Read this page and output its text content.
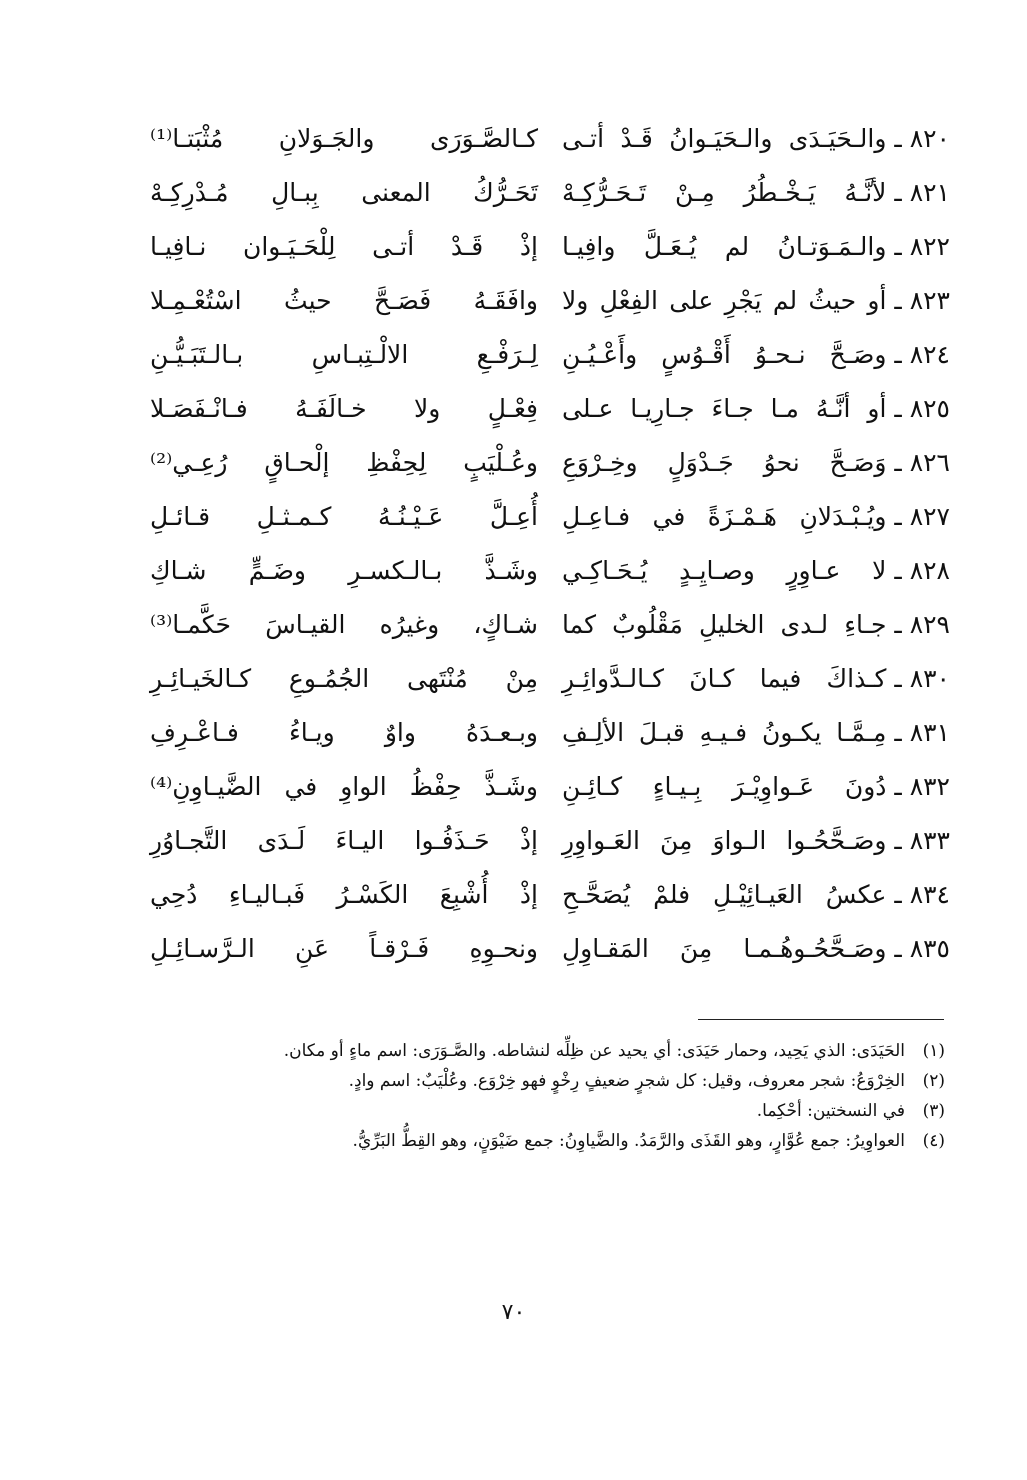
٨٢٠ ـوالـحَيَـدَى والـحَيَـوانُ قَـدْ أتـى
كـالصَّـوَرَى والجَـوَلانِ مُثْبَتـا⁽¹⁾
٨٢١ ـلأنَّـهُ يَـخْـطُرُ مِـنْ تَـحَـرُّكِـهْ
تَحَـرُّكُ المعنى بِبـالِ مُـدْرِكِـهْ
٨٢٢ ـوالـمَـوَتـانُ لم يُـعَـلَّ وافِيـا
إذْ قَـدْ أتـى لِلْحَـيَـوان نـافِيـا
٨٢٣ ـأو حيثُ لم يَجْرِ على الفِعْلِ ولا
وافَقَـهُ فَصَـحَّ حيثُ اسْتُعْـمِـلا
٨٢٤ ـوصَـحَّ نـحـوُ أَقْـوُسٍ وأَعْـيُـنِ
لِـرَفْـعِ الالْـتِبـاسِ بـالـتَبَـيُّـنِ
٨٢٥ ـأو أنَّـهُ مـا جـاءَ جـارِيـا عـلى
فِعْـلٍ ولا خـالَفَـهُ فـانْـفَصَـلا
٨٢٦ ـوَصَـحَّ نحوُ جَـدْوَلٍ وخِـرْوَعِ
وعُـلْيَبٍ لِحِفْظِ إلْحـاقٍ رُعِـي⁽²⁾
٨٢٧ ـويُـبْـدَلانِ هَـمْـزَةً في فـاعِـلِ
أُعِـلَّ عَـيْـنُـهُ كـمـثـلِ قـائـلِ
٨٢٨ ـلا عـاوِرٍ وصـايِـدٍ يُـحَـاكِـي
وشَـذَّ بـالـكسـرِ وضَـمٍّ شـاكِ
٨٢٩ ـجـاءِ لـدى الخليلِ مَقْلُوبٌ كما
شـاكٍ، وغيرُه القيـاسَ حَكَّمـا⁽³⁾
٨٣٠ ـكـذاكَ فيما كـانَ كـالـدَّوائِـرِ
مِنْ مُنْتَهى الجُمُـوعِ كـالخَيـائِـرِ
٨٣١ ـمِـمَّـا يكـونُ فـيـهِ قبـلَ الألِـفِ
وبـعـدَهُ واوٌ ويـاءُ فـاعْـرِفِ
٨٣٢ ـدُونَ عَـواوِيْـرَ بِـيـاءٍ كـائِـنِ
وشَـذَّ حِفْظُ الواوِ في الضَّيـاوِنِ⁽⁴⁾
٨٣٣ ـوصَـحَّحُـوا الـواوَ مِنَ العَـواوِرِ
إذْ حَـذَفُـوا اليـاءَ لَـدَى التَّجـاوُرِ
٨٣٤ ـعكسُ العَيـائِيْـلِ فلمْ يُصَحَّـحِ
إذْ أُشْبِعَ الكَسْـرُ فَبـاليـاءِ دُحِي
٨٣٥ ـوصَـحَّحُـوهُـمـا مِنَ المَقـاوِلِ
ونحـوِهِ فَـرْقـاً عَنِ الـرَّسـائِـلِ
(١)
الحَيَدَى: الذي يَحِيد، وحمار حَيَدَى: أي يحيد عن ظِلِّه لنشاطه. والصَّـوَرَى: اسم ماءٍ أو مكان.
(٢)
الخِرْوَعُ: شجر معروف، وقيل: كل شجرٍ ضعيفٍ رِخْوٍ فهو خِرْوَع. وعُلْيَبٌ: اسم وادٍ.
(٣)
في النسختين: أحْكِما.
(٤)
العواوِيرُ: جمع عُوَّارٍ، وهو القَذَى والرَّمَدُ. والضَّياوِنُ: جمع ضَيْوَنٍ، وهو القِطُّ البَرِّيُّ.
٧٠
